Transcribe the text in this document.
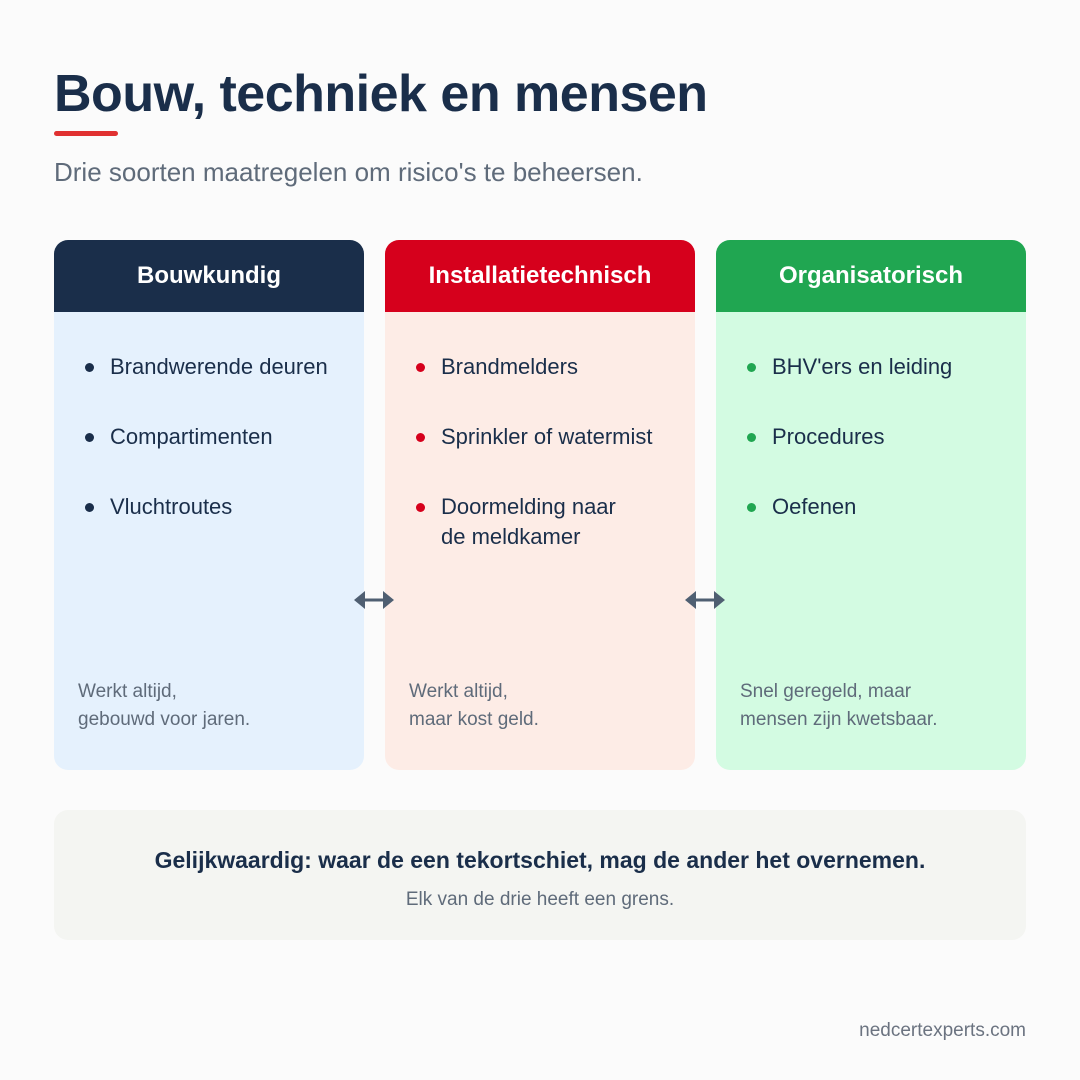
Bouw, techniek en mensen
Drie soorten maatregelen om risico's te beheersen.
Bouwkundig
Brandwerende deuren
Compartimenten
Vluchtroutes
Werkt altijd,
gebouwd voor jaren.
Installatietechnisch
Brandmelders
Sprinkler of watermist
Doormelding naar
de meldkamer
Werkt altijd,
maar kost geld.
Organisatorisch
BHV'ers en leiding
Procedures
Oefenen
Snel geregeld, maar
mensen zijn kwetsbaar.
Gelijkwaardig: waar de een tekortschiet, mag de ander het overnemen.
Elk van de drie heeft een grens.
nedcertexperts.com
